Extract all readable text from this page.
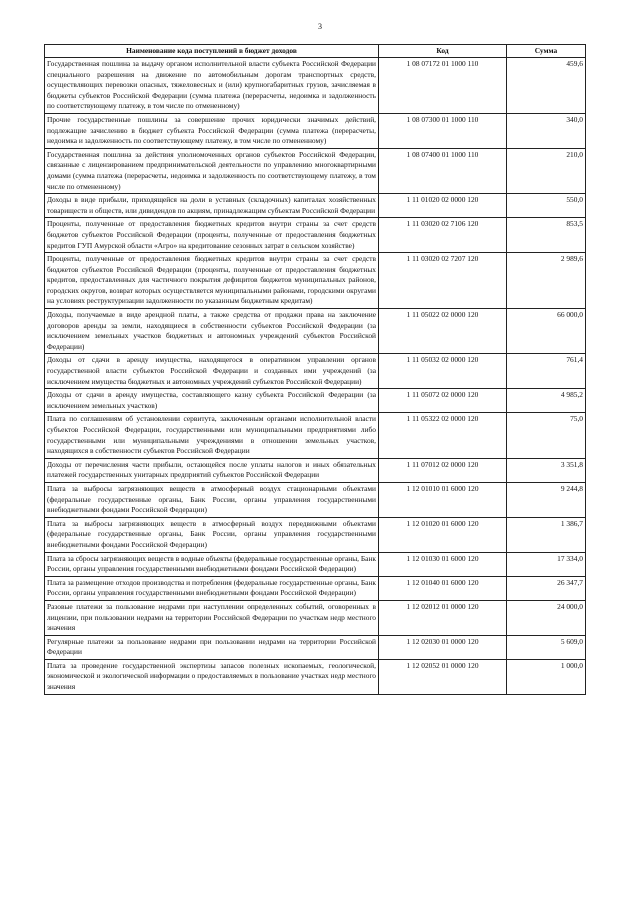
3
Наименование кода поступлений в бюджет доходов	Код	Сумма
Государственная пошлина за выдачу органом исполнительной власти субъекта Российской Федерации специального разрешения на движение по автомобильным дорогам транспортных средств, осуществляющих перевозки опасных, тяжеловесных и (или) крупногабаритных грузов, зачисляемая в бюджеты субъектов Российской Федерации (сумма платежа (перерасчеты, недоимка и задолженность по соответствующему платежу, в том числе по отмененному)	1 08 07172 01 1000 110	459,6
Прочие государственные пошлины за совершение прочих юридически значимых действий, подлежащие зачислению в бюджет субъекта Российской Федерации (сумма платежа (перерасчеты, недоимка и задолженность по соответствующему платежу, в том числе по отмененному)	1 08 07300 01 1000 110	340,0
Государственная пошлина за действия уполномоченных органов субъектов Российской Федерации, связанные с лицензированием предпринимательской деятельности по управлению многоквартирными домами (сумма платежа (перерасчеты, недоимка и задолженность по соответствующему платежу, в том числе по отмененному)	1 08 07400 01 1000 110	210,0
Доходы в виде прибыли, приходящейся на доли в уставных (складочных) капиталах хозяйственных товариществ и обществ, или дивидендов по акциям, принадлежащим субъектам Российской Федерации	1 11 01020 02 0000 120	550,0
Проценты, полученные от предоставления бюджетных кредитов внутри страны за счет средств бюджетов субъектов Российской Федерации (проценты, полученные от предоставления бюджетных кредитов ГУП Амурской области «Агро» на кредитование сезонных затрат в сельском хозяйстве)	1 11 03020 02 7106 120	853,5
Проценты, полученные от предоставления бюджетных кредитов внутри страны за счет средств бюджетов субъектов Российской Федерации (проценты, полученные от предоставления бюджетных кредитов, предоставленных для частичного покрытия дефицитов бюджетов муниципальных районов, городских округов, возврат которых осуществляется муниципальными районами, городскими округами на условиях реструктуризации задолженности по указанным бюджетным кредитам)	1 11 03020 02 7207 120	2 989,6
Доходы, получаемые в виде арендной платы, а также средства от продажи права на заключение договоров аренды за земли, находящиеся в собственности субъектов Российской Федерации (за исключением земельных участков бюджетных и автономных учреждений субъектов Российской Федерации)	1 11 05022 02 0000 120	66 000,0
Доходы от сдачи в аренду имущества, находящегося в оперативном управлении органов государственной власти субъектов Российской Федерации и созданных ими учреждений (за исключением имущества бюджетных и автономных учреждений субъектов Российской Федерации)	1 11 05032 02 0000 120	761,4
Доходы от сдачи в аренду имущества, составляющего казну субъекта Российской Федерации (за исключением земельных участков)	1 11 05072 02 0000 120	4 985,2
Плата по соглашениям об установлении сервитута, заключенным органами исполнительной власти субъектов Российской Федерации, государственными или муниципальными предприятиями либо государственными или муниципальными учреждениями в отношении земельных участков, находящихся в собственности субъектов Российской Федерации	1 11 05322 02 0000 120	75,0
Доходы от перечисления части прибыли, остающейся после уплаты налогов и иных обязательных платежей государственных унитарных предприятий субъектов Российской Федерации	1 11 07012 02 0000 120	3 351,8
Плата за выбросы загрязняющих веществ в атмосферный воздух стационарными объектами (федеральные государственные органы, Банк России, органы управления государственными внебюджетными фондами Российской Федерации)	1 12 01010 01 6000 120	9 244,8
Плата за выбросы загрязняющих веществ в атмосферный воздух передвижными объектами (федеральные государственные органы, Банк России, органы управления государственными внебюджетными фондами Российской Федерации)	1 12 01020 01 6000 120	1 386,7
Плата за сбросы загрязняющих веществ в водные объекты (федеральные государственные органы, Банк России, органы управления государственными внебюджетными фондами Российской Федерации)	1 12 01030 01 6000 120	17 334,0
Плата за размещение отходов производства и потребления (федеральные государственные органы, Банк России, органы управления государственными внебюджетными фондами Российской Федерации)	1 12 01040 01 6000 120	26 347,7
Разовые платежи за пользование недрами при наступлении определенных событий, оговоренных в лицензии, при пользовании недрами на территории Российской Федерации по участкам недр местного значения	1 12 02012 01 0000 120	24 000,0
Регулярные платежи за пользование недрами при пользовании недрами на территории Российской Федерации	1 12 02030 01 0000 120	5 609,0
Плата за проведение государственной экспертизы запасов полезных ископаемых, геологической, экономической и экологической информации о предоставляемых в пользование участках недр местного значения	1 12 02052 01 0000 120	1 000,0
